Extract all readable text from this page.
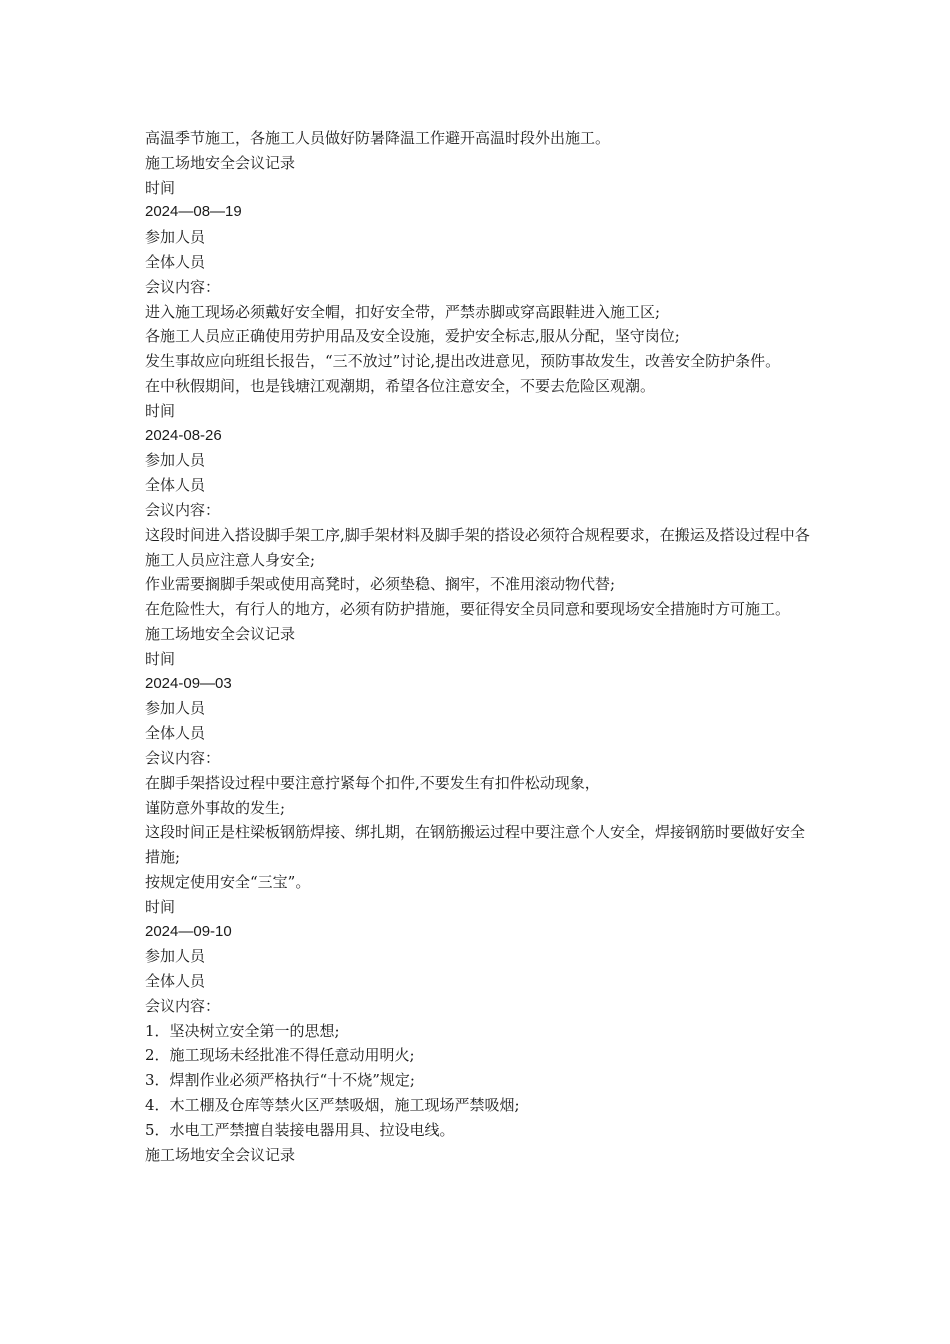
高温季节施工，各施工人员做好防暑降温工作避开高温时段外出施工。

施工场地安全会议记录

时间

2024—08—19

参加人员

全体人员

会议内容：

进入施工现场必须戴好安全帽，扣好安全带，严禁赤脚或穿高跟鞋进入施工区;

各施工人员应正确使用劳护用品及安全设施，爱护安全标志,服从分配，坚守岗位;

发生事故应向班组长报告，“三不放过”讨论,提出改进意见，预防事故发生，改善安全防护条件。

在中秋假期间，也是钱塘江观潮期，希望各位注意安全，不要去危险区观潮。

时间

2024-08-26

参加人员

全体人员

会议内容：

这段时间进入搭设脚手架工序,脚手架材料及脚手架的搭设必须符合规程要求，在搬运及搭设过程中各施工人员应注意人身安全;

作业需要搁脚手架或使用高凳时，必须垫稳、搁牢，不准用滚动物代替;

在危险性大，有行人的地方，必须有防护措施，要征得安全员同意和要现场安全措施时方可施工。

施工场地安全会议记录

时间

2024-09—03

参加人员

全体人员

会议内容：

在脚手架搭设过程中要注意拧紧每个扣件,不要发生有扣件松动现象，

谨防意外事故的发生;

这段时间正是柱梁板钢筋焊接、绑扎期，在钢筋搬运过程中要注意个人安全，焊接钢筋时要做好安全措施;

按规定使用安全“三宝”。

时间

2024—09-10

参加人员

全体人员

会议内容：

1．坚决树立安全第一的思想;

2．施工现场未经批准不得任意动用明火;

3．焊割作业必须严格执行“十不烧”规定;

4．木工棚及仓库等禁火区严禁吸烟，施工现场严禁吸烟;

5．水电工严禁擅自装接电器用具、拉设电线。

施工场地安全会议记录
